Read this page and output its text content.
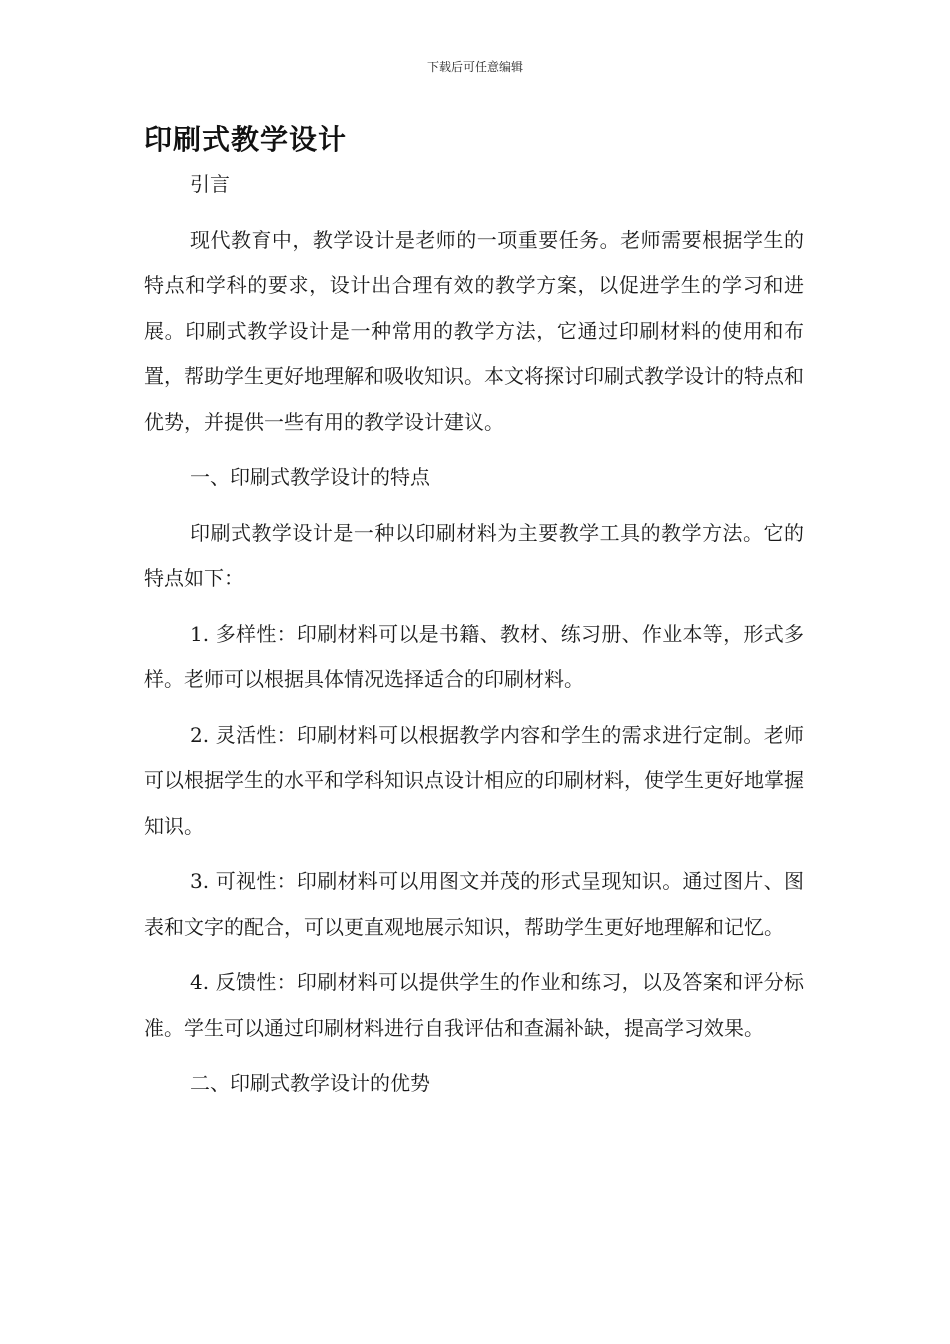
下载后可任意编辑
印刷式教学设计

引言

现代教育中，教学设计是老师的一项重要任务。老师需要根据学生的特点和学科的要求，设计出合理有效的教学方案，以促进学生的学习和进展。印刷式教学设计是一种常用的教学方法，它通过印刷材料的使用和布置，帮助学生更好地理解和吸收知识。本文将探讨印刷式教学设计的特点和优势，并提供一些有用的教学设计建议。

一、印刷式教学设计的特点

印刷式教学设计是一种以印刷材料为主要教学工具的教学方法。它的特点如下：

1. 多样性：印刷材料可以是书籍、教材、练习册、作业本等，形式多样。老师可以根据具体情况选择适合的印刷材料。

2. 灵活性：印刷材料可以根据教学内容和学生的需求进行定制。老师可以根据学生的水平和学科知识点设计相应的印刷材料，使学生更好地掌握知识。

3. 可视性：印刷材料可以用图文并茂的形式呈现知识。通过图片、图表和文字的配合，可以更直观地展示知识，帮助学生更好地理解和记忆。

4. 反馈性：印刷材料可以提供学生的作业和练习，以及答案和评分标准。学生可以通过印刷材料进行自我评估和查漏补缺，提高学习效果。

二、印刷式教学设计的优势
